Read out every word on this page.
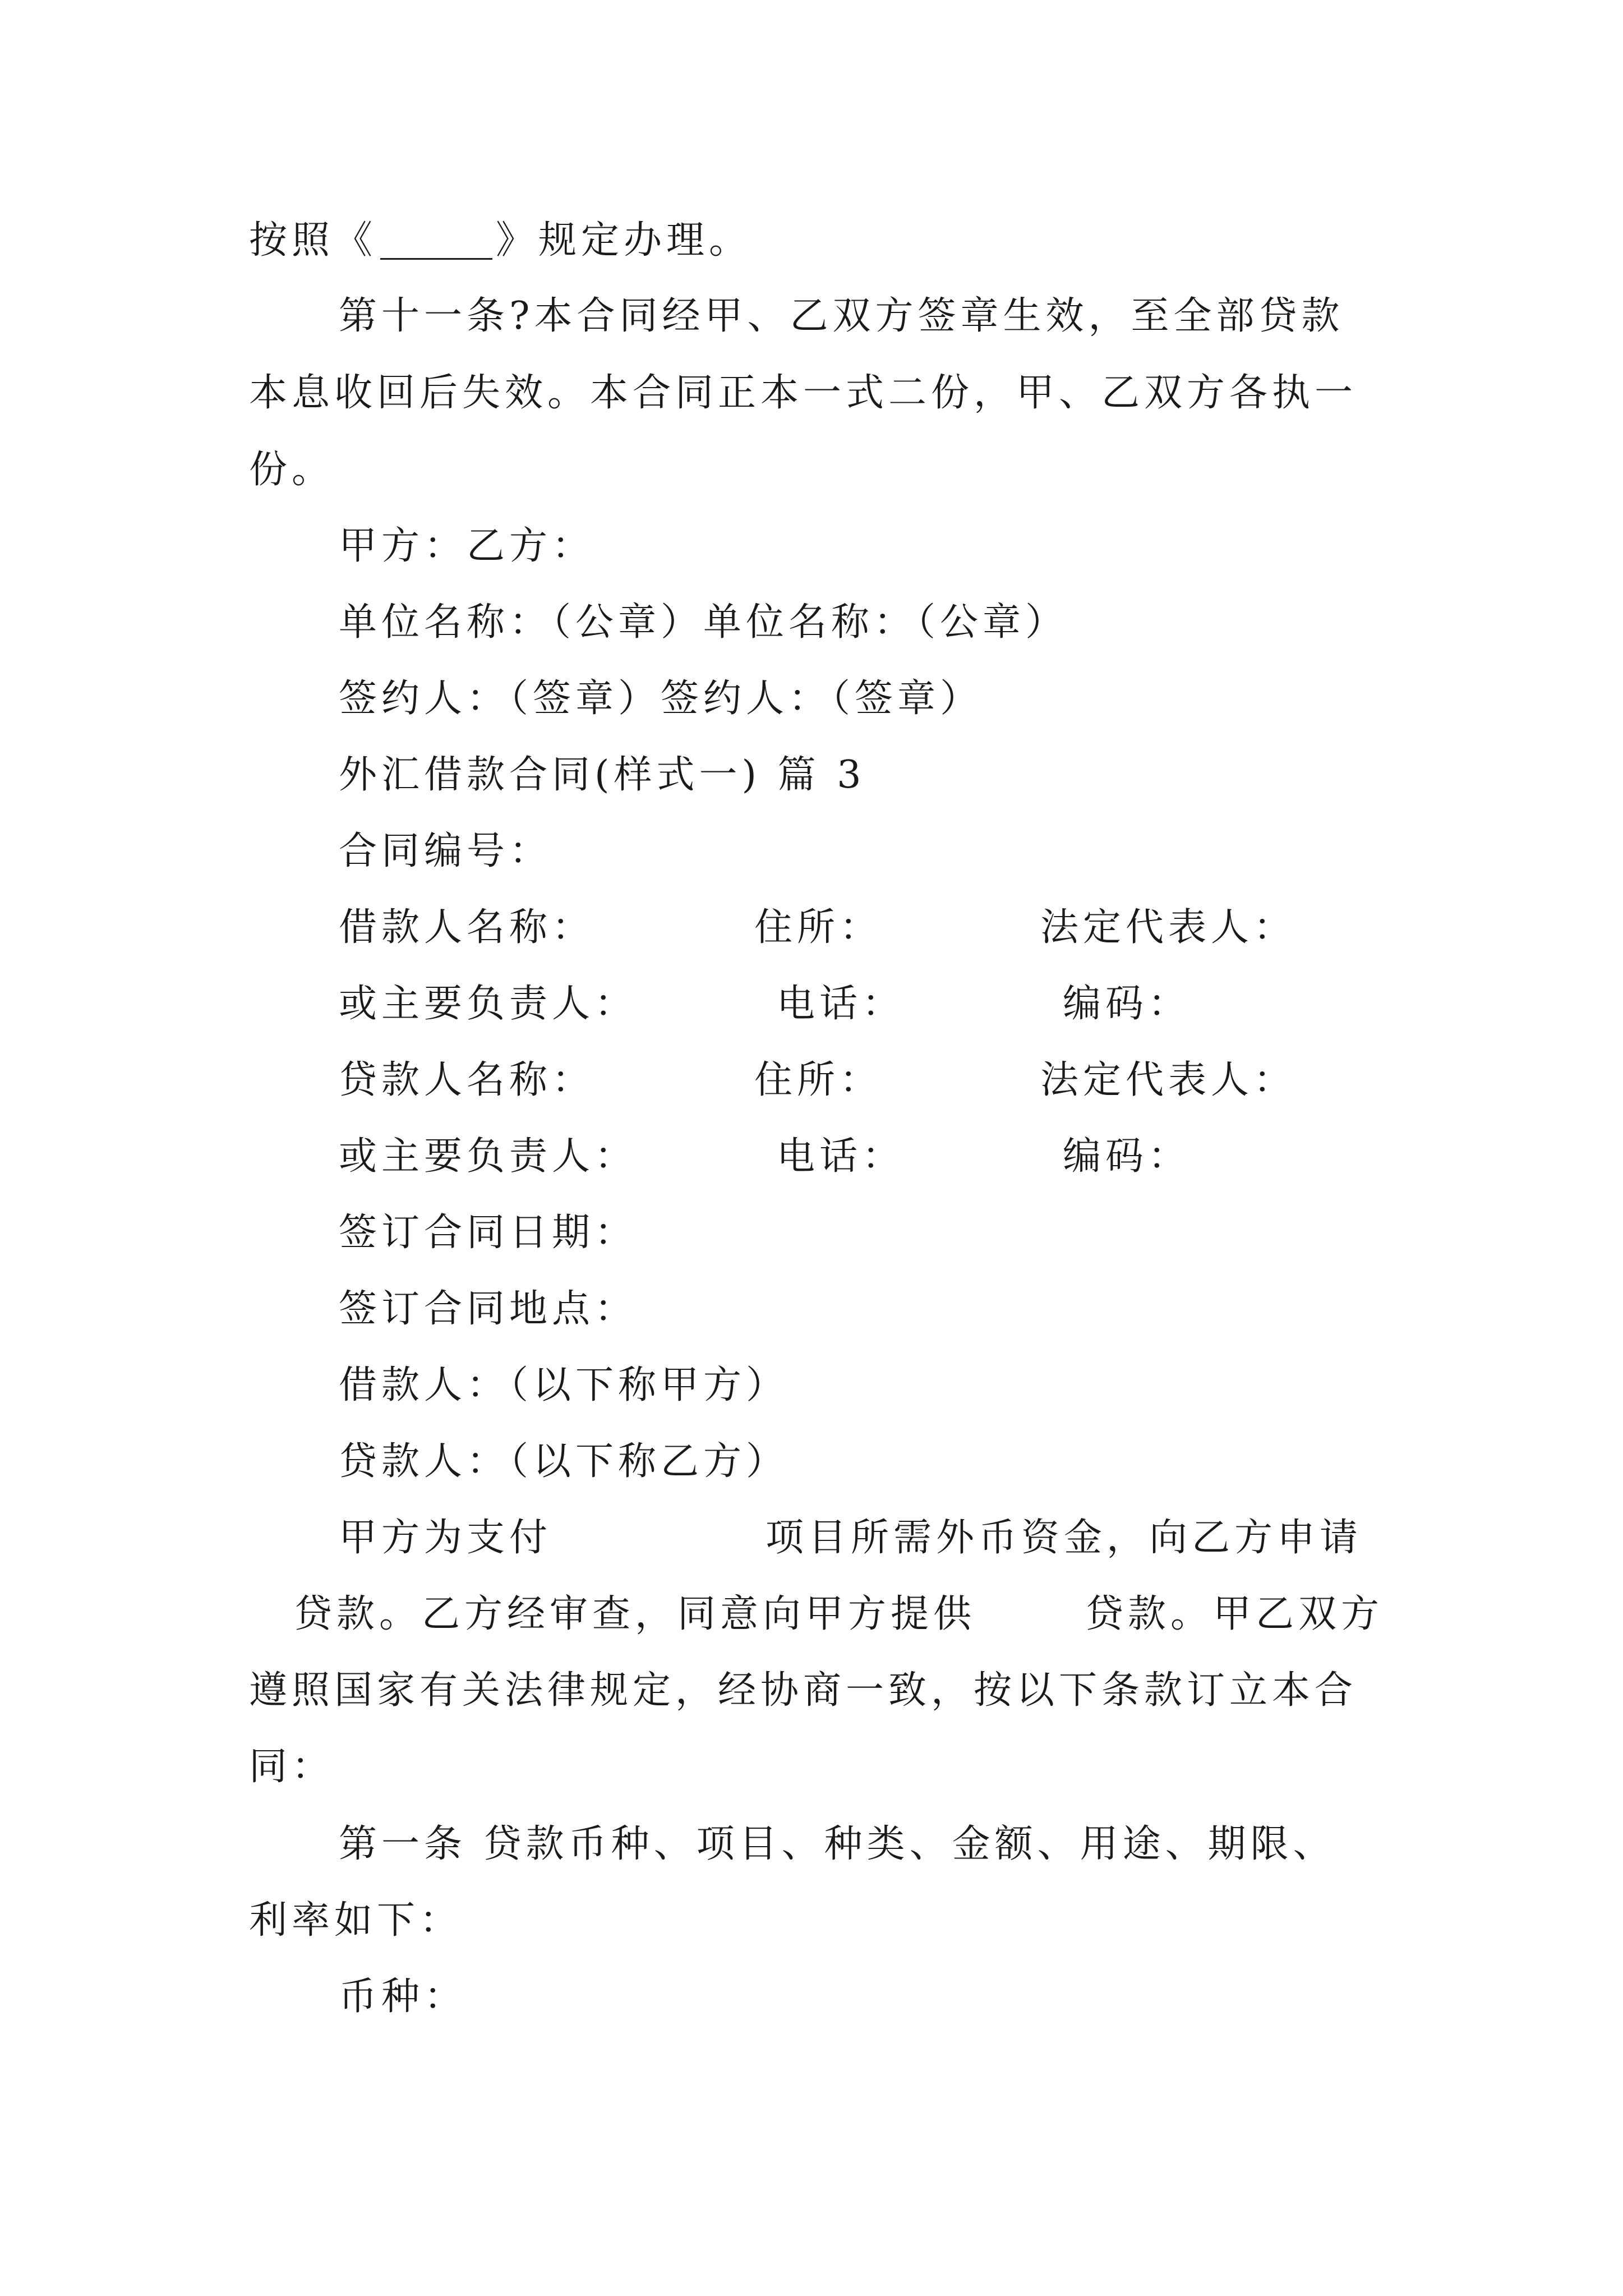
按照《	》规定办理。
第十一条?本合同经甲、乙双方签章生效，至全部贷款
本息收回后失效。本合同正本一式二份，甲、乙双方各执一
份。
甲方：乙方：
单位名称：（公章）单位名称：（公章）
签约人：（签章）签约人：（签章）
外汇借款合同(样式一) 篇 3
合同编号：
借款人名称：	住所：	法定代表人：
或主要负责人：	电话：	编码：
贷款人名称：	住所：	法定代表人：
或主要负责人：	电话：	编码：
签订合同日期：
签订合同地点：
借款人：（以下称甲方）
贷款人：（以下称乙方）
甲方为支付	项目所需外币资金，向乙方申请
贷款。乙方经审查，同意向甲方提供	贷款。甲乙双方
遵照国家有关法律规定，经协商一致，按以下条款订立本合
同：
第一条 贷款币种、项目、种类、金额、用途、期限、
利率如下：
币种：
